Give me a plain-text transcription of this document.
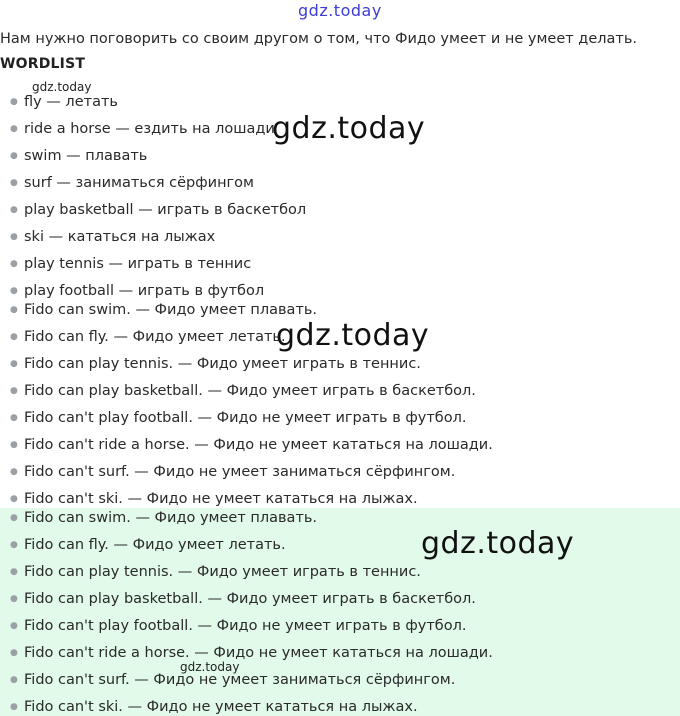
gdz.today
Нам нужно поговорить со своим другом о том, что Фидо умеет и не умеет делать.
WORDLIST
● fly — летать
● ride a horse — ездить на лошади
● swim — плавать
● surf — заниматься сёрфингом
● play basketball — играть в баскетбол
● ski — кататься на лыжах
● play tennis — играть в теннис
● play football — играть в футбол
● Fido can swim. — Фидо умеет плавать.
● Fido can fly. — Фидо умеет летать.
● Fido can play tennis. — Фидо умеет играть в теннис.
● Fido can play basketball. — Фидо умеет играть в баскетбол.
● Fido can't play football. — Фидо не умеет играть в футбол.
● Fido can't ride a horse. — Фидо не умеет кататься на лошади.
● Fido can't surf. — Фидо не умеет заниматься сёрфингом.
● Fido can't ski. — Фидо не умеет кататься на лыжах.
● Fido can swim. — Фидо умеет плавать.
● Fido can fly. — Фидо умеет летать.
● Fido can play tennis. — Фидо умеет играть в теннис.
● Fido can play basketball. — Фидо умеет играть в баскетбол.
● Fido can't play football. — Фидо не умеет играть в футбол.
● Fido can't ride a horse. — Фидо не умеет кататься на лошади.
● Fido can't surf. — Фидо не умеет заниматься сёрфингом.
● Fido can't ski. — Фидо не умеет кататься на лыжах.
gdz.today
gdz.today
gdz.today
gdz.today
gdz.today
